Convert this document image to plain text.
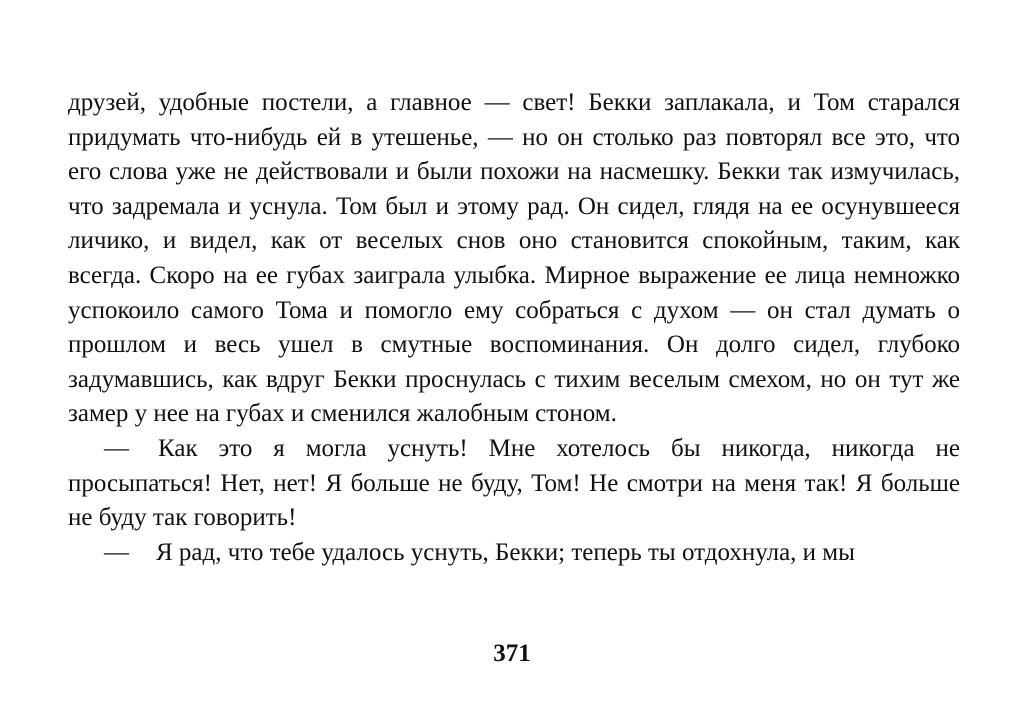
друзей, удобные постели, а главное — свет! Бекки заплакала, и Том старался придумать что-нибудь ей в утешенье, — но он столько раз повторял все это, что его слова уже не действовали и были похожи на насмешку. Бекки так измучилась, что задремала и уснула. Том был и этому рад. Он сидел, глядя на ее осунувшееся личико, и видел, как от веселых снов оно становится спокойным, таким, как всегда. Скоро на ее губах заиграла улыбка. Мирное выражение ее лица немножко успокоило самого Тома и помогло ему собраться с духом — он стал думать о прошлом и весь ушел в смутные воспоминания. Он долго сидел, глубоко задумавшись, как вдруг Бекки проснулась с тихим веселым смехом, но он тут же замер у нее на губах и сменился жалобным стоном.

— Как это я могла уснуть! Мне хотелось бы никогда, никогда не просыпаться! Нет, нет! Я больше не буду, Том! Не смотри на меня так! Я больше не буду так говорить!

— Я рад, что тебе удалось уснуть, Бекки; теперь ты отдохнула, и мы

371
